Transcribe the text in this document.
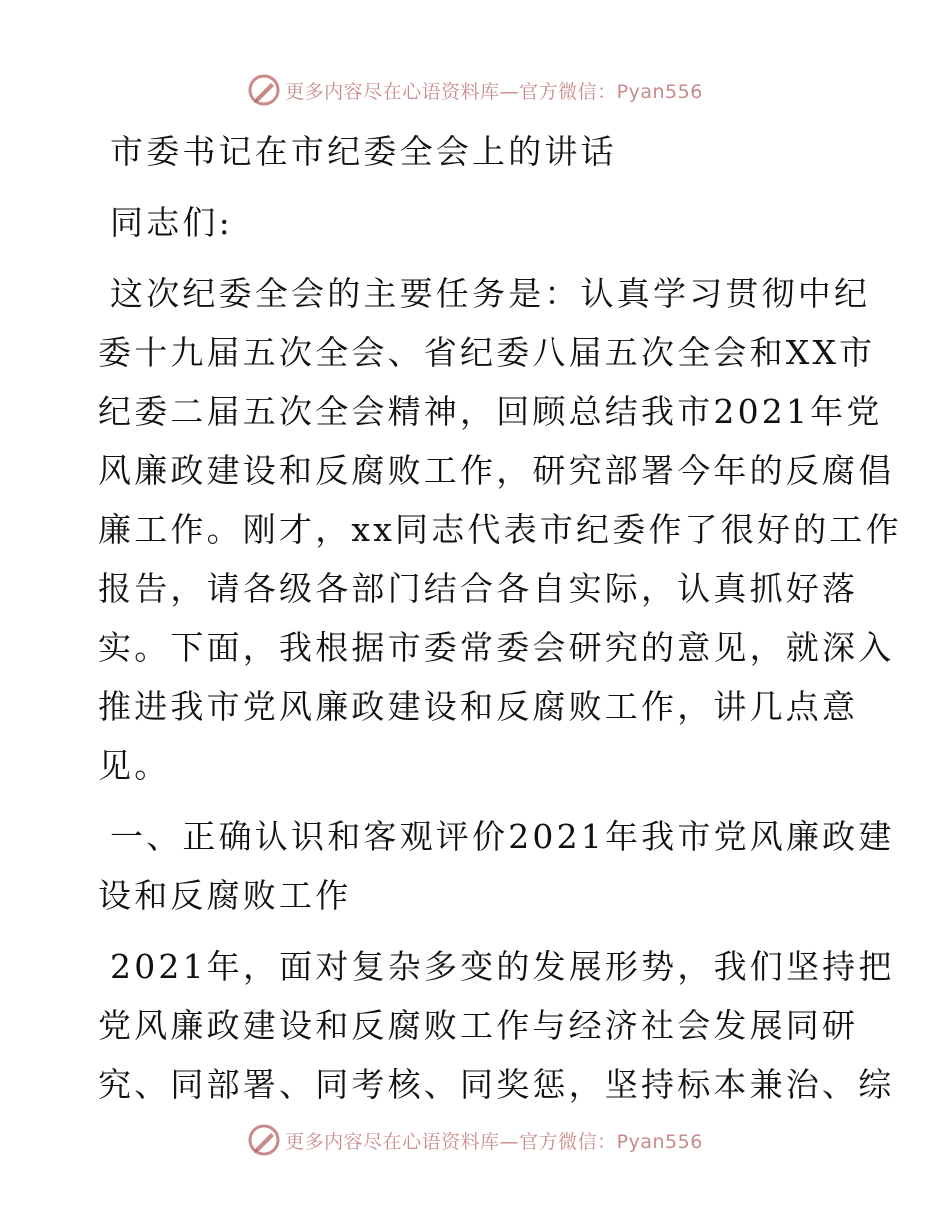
更多内容尽在心语资料库—官方微信：Pyan556
市委书记在市纪委全会上的讲话
同志们:
这次纪委全会的主要任务是：认真学习贯彻中纪
委十九届五次全会、省纪委八届五次全会和XX市
纪委二届五次全会精神，回顾总结我市2021年党
风廉政建设和反腐败工作，研究部署今年的反腐倡
廉工作。刚才，xx同志代表市纪委作了很好的工作
报告，请各级各部门结合各自实际，认真抓好落
实。下面，我根据市委常委会研究的意见，就深入
推进我市党风廉政建设和反腐败工作，讲几点意
见。
一、正确认识和客观评价2021年我市党风廉政建
设和反腐败工作
2021年，面对复杂多变的发展形势，我们坚持把
党风廉政建设和反腐败工作与经济社会发展同研
究、同部署、同考核、同奖惩，坚持标本兼治、综
更多内容尽在心语资料库—官方微信：Pyan556
